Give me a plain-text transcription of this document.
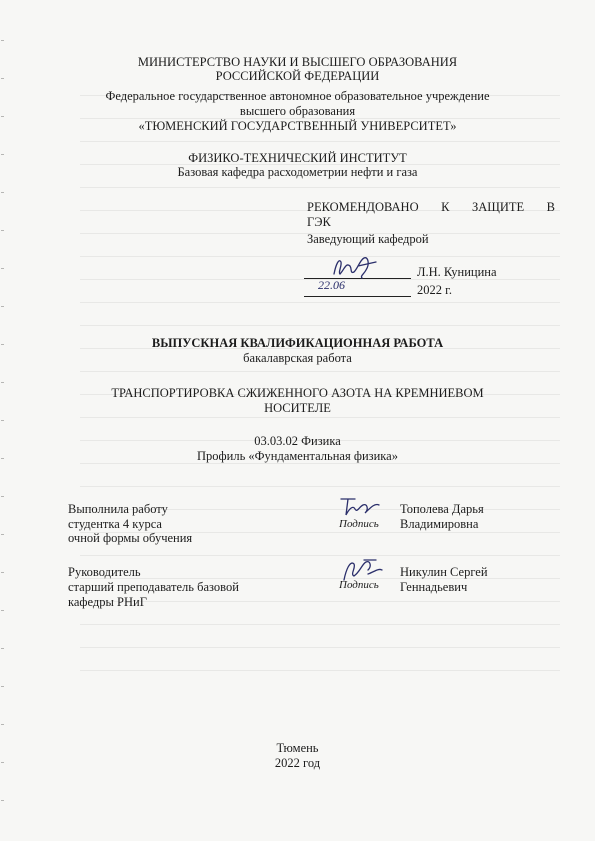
МИНИСТЕРСТВО НАУКИ И ВЫСШЕГО ОБРАЗОВАНИЯ
РОССИЙСКОЙ ФЕДЕРАЦИИ
Федеральное государственное автономное образовательное учреждение
высшего образования
«ТЮМЕНСКИЙ ГОСУДАРСТВЕННЫЙ УНИВЕРСИТЕТ»
ФИЗИКО-ТЕХНИЧЕСКИЙ ИНСТИТУТ
Базовая кафедра расходометрии нефти и газа
РЕКОМЕНДОВАНО К ЗАЩИТЕ В
ГЭК
Заведующий кафедрой
Л.Н. Куницина
2022 г.
22.06
ВЫПУСКНАЯ КВАЛИФИКАЦИОННАЯ РАБОТА
бакалаврская работа
ТРАНСПОРТИРОВКА СЖИЖЕННОГО АЗОТА НА КРЕМНИЕВОМ
НОСИТЕЛЕ
03.03.02 Физика
Профиль «Фундаментальная физика»
Выполнила работу
студентка 4 курса
очной формы обучения
Подпись
Тополева Дарья
Владимировна
Руководитель
старший преподаватель базовой
кафедры РНиГ
Подпись
Никулин Сергей
Геннадьевич
Тюмень
2022 год
